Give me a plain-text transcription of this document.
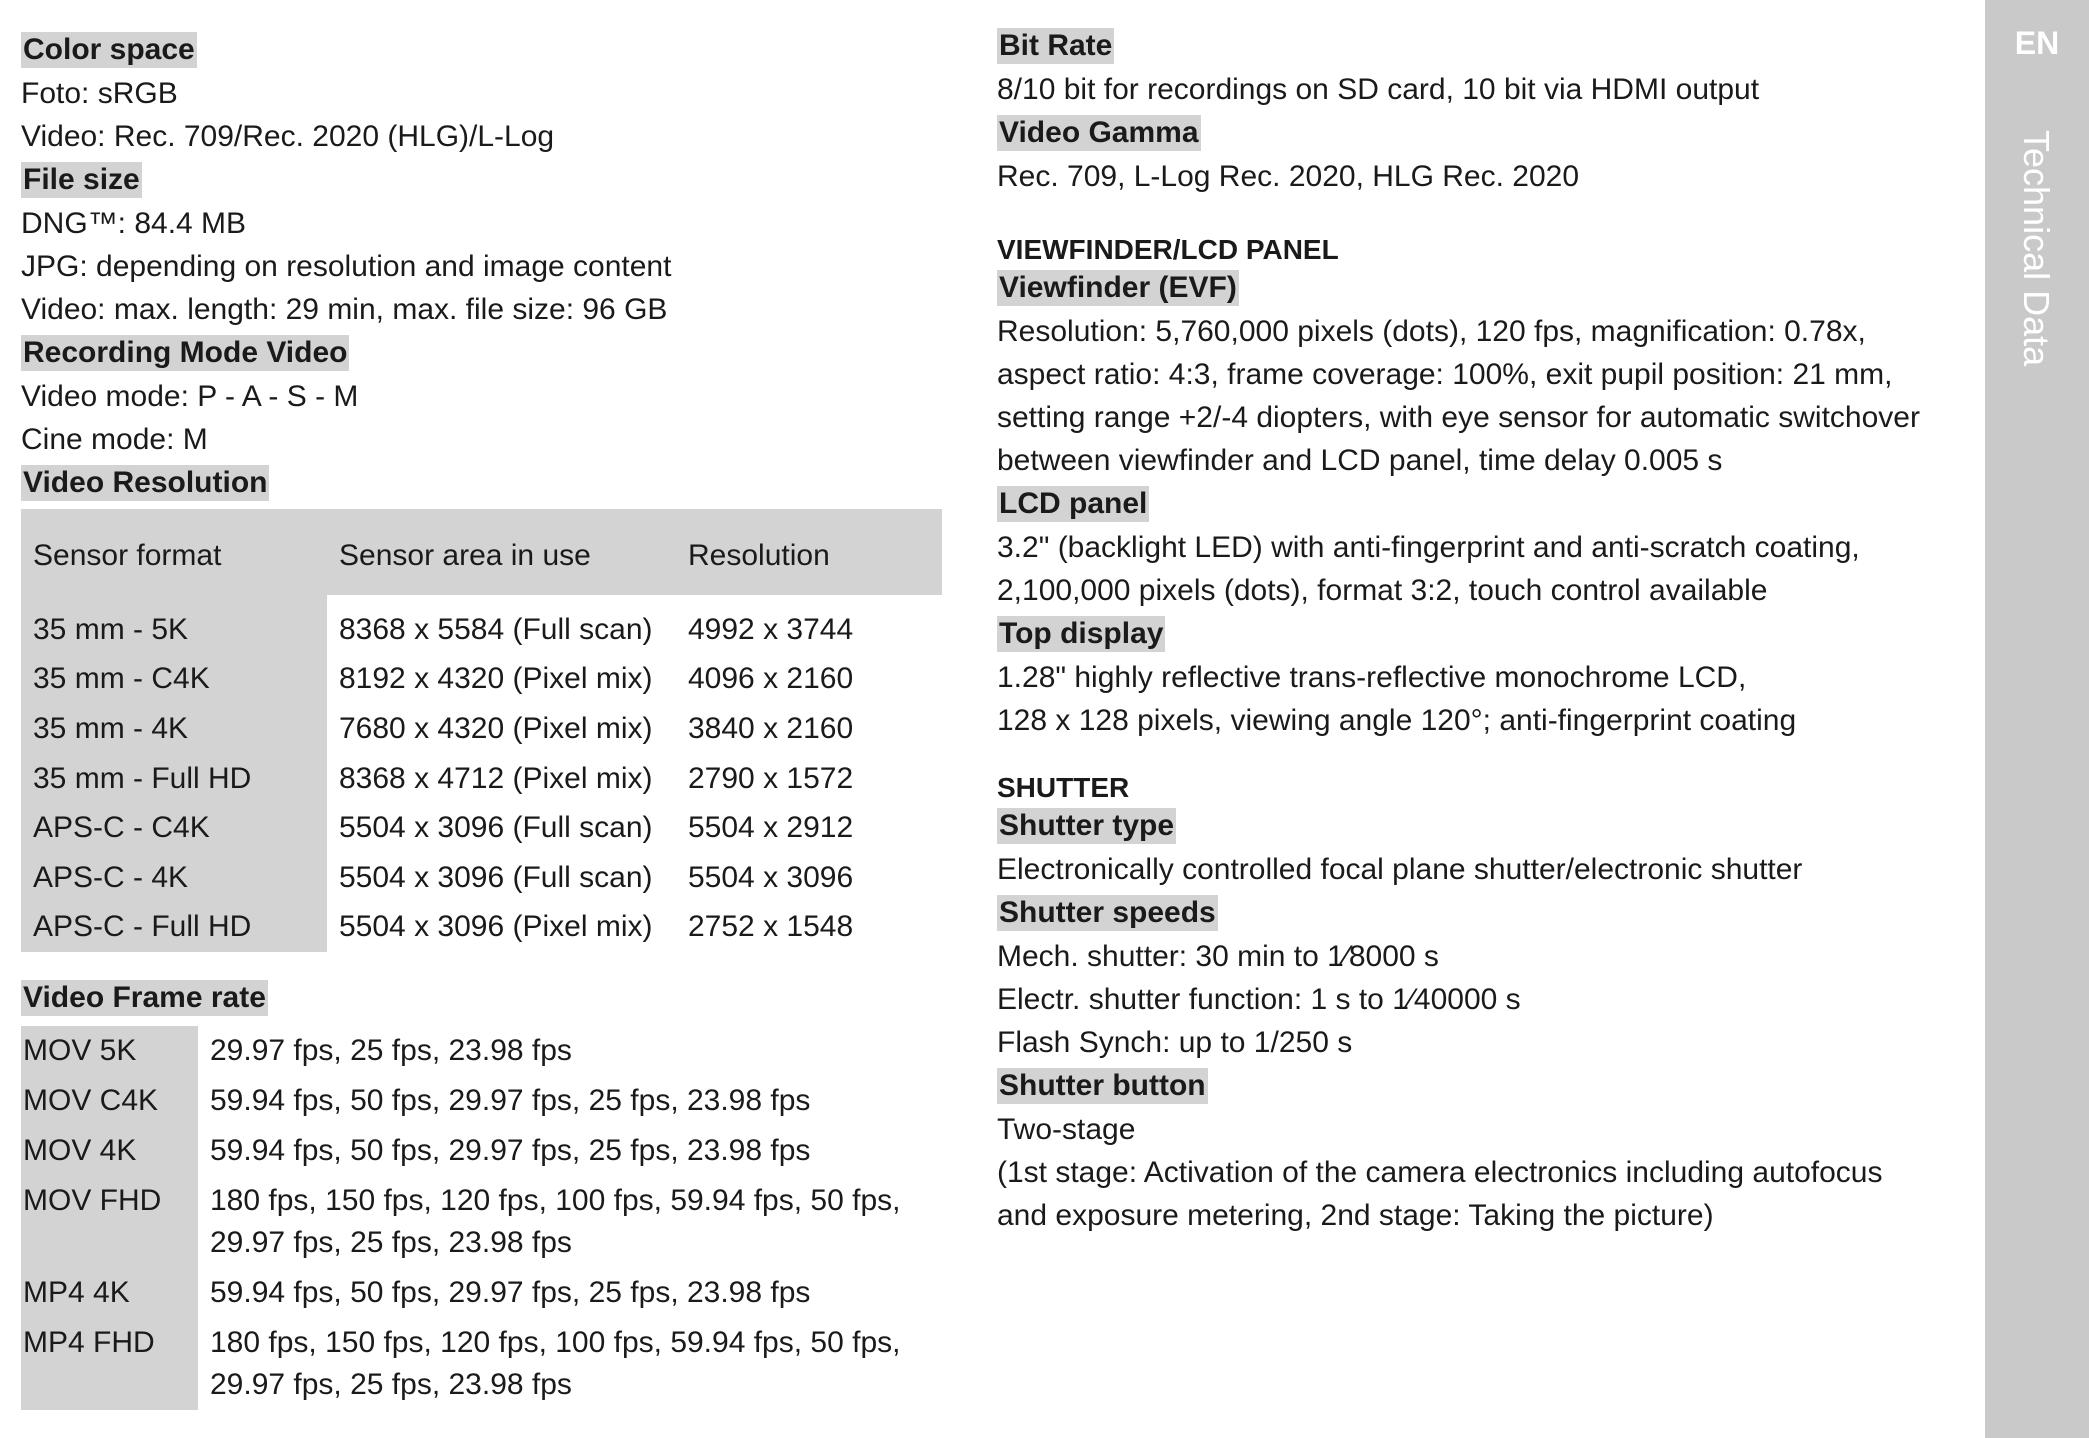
Color space

Foto: sRGB

Video: Rec. 709/Rec. 2020 (HLG)/L-Log

File size

DNG™: 84.4 MB

JPG: depending on resolution and image content

Video: max. length: 29 min, max. file size: 96 GB

Recording Mode Video

Video mode: P - A - S - M

Cine mode: M

Video Resolution
Sensor format	Sensor area in use	Resolution
35 mm - 5K	8368 x 5584 (Full scan)	4992 x 3744
35 mm - C4K	8192 x 4320 (Pixel mix)	4096 x 2160
35 mm - 4K	7680 x 4320 (Pixel mix)	3840 x 2160
35 mm - Full HD	8368 x 4712 (Pixel mix)	2790 x 1572
APS-C - C4K	5504 x 3096 (Full scan)	5504 x 2912
APS-C - 4K	5504 x 3096 (Full scan)	5504 x 3096
APS-C - Full HD	5504 x 3096 (Pixel mix)	2752 x 1548
Video Frame rate
MOV 5K	29.97 fps, 25 fps, 23.98 fps

MOV C4K	59.94 fps, 50 fps, 29.97 fps, 25 fps, 23.98 fps

MOV 4K	59.94 fps, 50 fps, 29.97 fps, 25 fps, 23.98 fps

MOV FHD	180 fps, 150 fps, 120 fps, 100 fps, 59.94 fps, 50 fps,
29.97 fps, 25 fps, 23.98 fps

MP4 4K	59.94 fps, 50 fps, 29.97 fps, 25 fps, 23.98 fps

MP4 FHD	180 fps, 150 fps, 120 fps, 100 fps, 59.94 fps, 50 fps,
29.97 fps, 25 fps, 23.98 fps
Bit Rate

8/10 bit for recordings on SD card, 10 bit via HDMI output

Video Gamma

Rec. 709, L-Log Rec. 2020, HLG Rec. 2020

VIEWFINDER/LCD PANEL

Viewfinder (EVF)

Resolution: 5,760,000 pixels (dots), 120 fps, magnification: 0.78x,

aspect ratio: 4:3, frame coverage: 100%, exit pupil position: 21 mm,

setting range +2/-4 diopters, with eye sensor for automatic switchover

between viewfinder and LCD panel, time delay 0.005 s

LCD panel

3.2" (backlight LED) with anti-fingerprint and anti-scratch coating,

2,100,000 pixels (dots), format 3:2, touch control available

Top display

1.28" highly reflective trans-reflective monochrome LCD,

128 x 128 pixels, viewing angle 120°; anti-fingerprint coating

SHUTTER

Shutter type

Electronically controlled focal plane shutter/electronic shutter

Shutter speeds

Mech. shutter: 30 min to 1⁄8000 s

Electr. shutter function: 1 s to 1⁄40000 s

Flash Synch: up to 1/250 s

Shutter button

Two-stage

(1st stage: Activation of the camera electronics including autofocus

and exposure metering, 2nd stage: Taking the picture)

EN
Technical Data
